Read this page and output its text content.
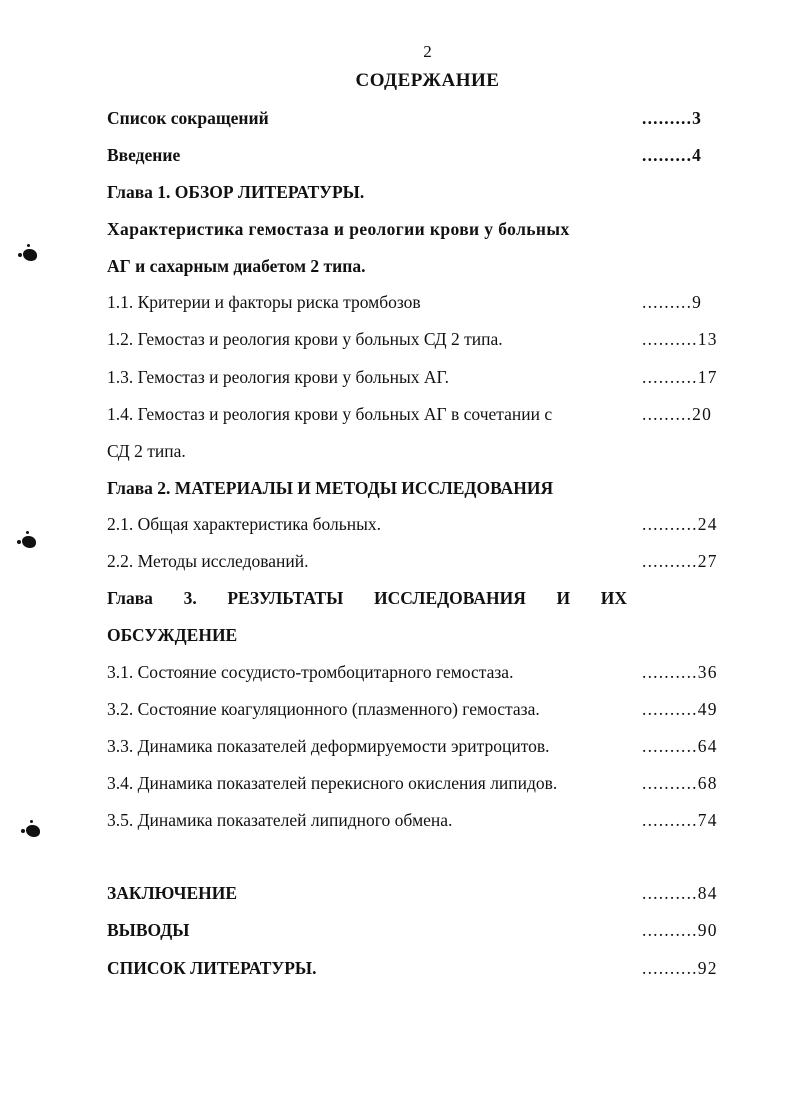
2
СОДЕРЖАНИЕ
Список сокращений	.........3
Введение	.........4
Глава 1. ОБЗОР ЛИТЕРАТУРЫ.
Характеристика гемостаза и реологии крови у больных
АГ и сахарным диабетом 2 типа.
1.1. Критерии и факторы риска тромбозов	.........9
1.2. Гемостаз и реология крови у больных СД 2 типа.	..........13
1.3. Гемостаз и реология крови у больных АГ.	..........17
1.4. Гемостаз и реология крови у больных АГ в сочетании с	.........20
СД 2 типа.
Глава 2. МАТЕРИАЛЫ И МЕТОДЫ ИССЛЕДОВАНИЯ
2.1. Общая характеристика больных.	..........24
2.2. Методы исследований.	..........27
Глава 3. РЕЗУЛЬТАТЫ ИССЛЕДОВАНИЯ И ИХ
ОБСУЖДЕНИЕ
3.1. Состояние сосудисто-тромбоцитарного гемостаза.	..........36
3.2. Состояние коагуляционного (плазменного) гемостаза.	..........49
3.3. Динамика показателей деформируемости эритроцитов.	..........64
3.4. Динамика показателей перекисного окисления липидов.	..........68
3.5. Динамика показателей липидного обмена.	..........74
ЗАКЛЮЧЕНИЕ	..........84
ВЫВОДЫ	..........90
СПИСОК ЛИТЕРАТУРЫ.	..........92
